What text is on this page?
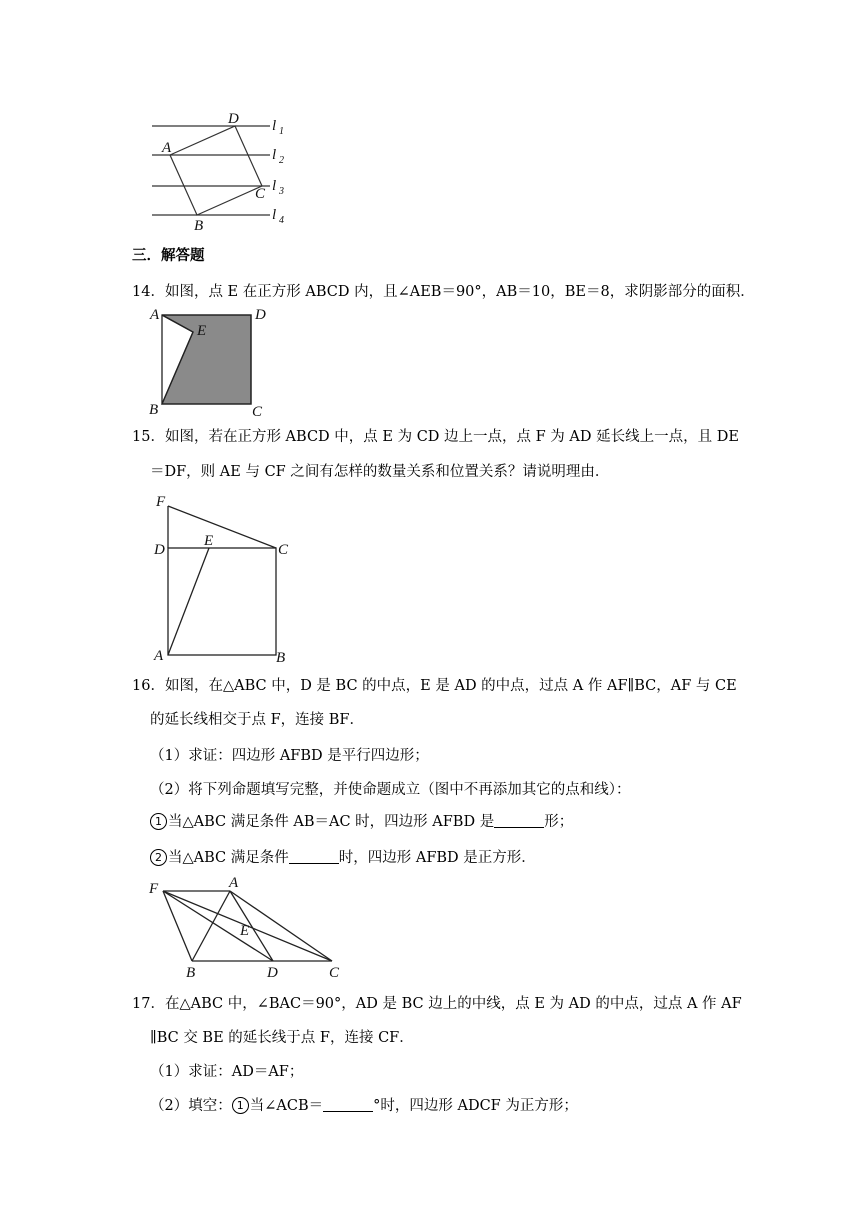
D
A
C
B
l 1
l 2
l 3
l 4
三．解答题
14．如图，点 E 在正方形 ABCD 内，且∠AEB＝90°，AB＝10，BE＝8，求阴影部分的面积．
A	D
E
B	C
15．如图，若在正方形 ABCD 中，点 E 为 CD 边上一点，点 F 为 AD 延长线上一点，且 DE
＝DF，则 AE 与 CF 之间有怎样的数量关系和位置关系？请说明理由．
F
D
E
C
A	B
16．如图，在△ABC 中，D 是 BC 的中点，E 是 AD 的中点，过点 A 作 AF∥BC，AF 与 CE
的延长线相交于点 F，连接 BF．
（1）求证：四边形 AFBD 是平行四边形；
（2）将下列命题填写完整，并使命题成立（图中不再添加其它的点和线）：
1 当△ABC 满足条件 AB＝AC 时，四边形 AFBD 是	形；
2 当△ABC 满足条件	时，四边形 AFBD 是正方形．
F	A
E
B	D	C
17．在△ABC 中，∠BAC＝90°，AD 是 BC 边上的中线，点 E 为 AD 的中点，过点 A 作 AF
∥BC 交 BE 的延长线于点 F，连接 CF．
（1）求证：AD＝AF；
（2）填空： 1 当∠ACB＝	°时，四边形 ADCF 为正方形；
